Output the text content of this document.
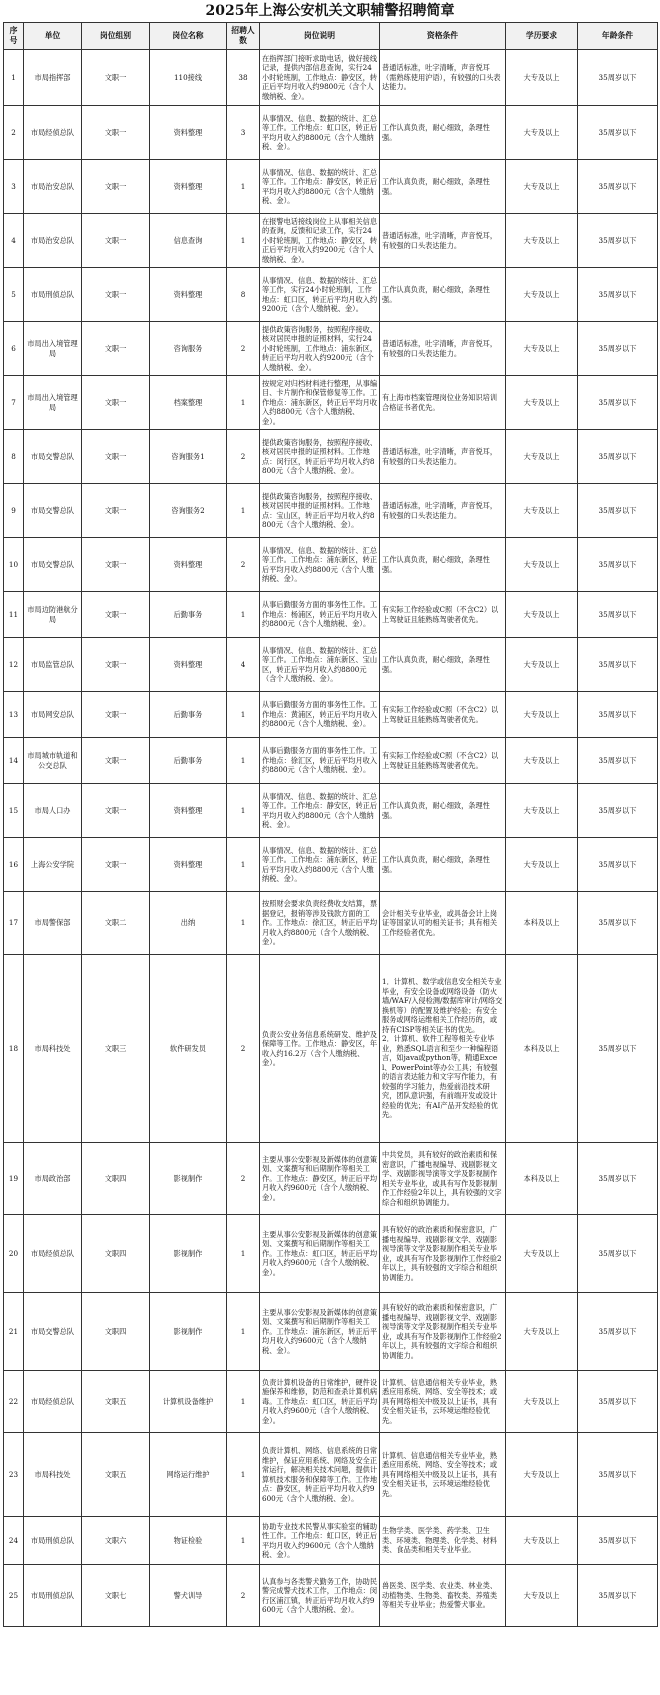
2025年上海公安机关文职辅警招聘简章
序号	单位	岗位组别	岗位名称	招聘人数	岗位说明	资格条件	学历要求	年龄条件
1	市局指挥部	文职一	110接线	38	在指挥部门接听求助电话，做好接线记录，提供内部信息查询，实行24小时轮班制，工作地点：静安区，转正后平均月收入约9800元（含个人缴纳税、金）。	普通话标准，吐字清晰，声音悦耳（需熟练使用沪语），有较强的口头表达能力。	大专及以上	35周岁以下
2	市局经侦总队	文职一	资料整理	3	从事情况、信息、数据的统计、汇总等工作。工作地点：虹口区，转正后平均月收入约8800元（含个人缴纳税、金）。	工作认真负责，耐心细致，条理性强。	大专及以上	35周岁以下
3	市局治安总队	文职一	资料整理	1	从事情况、信息、数据的统计、汇总等工作。工作地点：静安区，转正后平均月收入约8800元（含个人缴纳税、金）。	工作认真负责，耐心细致，条理性强。	大专及以上	35周岁以下
4	市局治安总队	文职一	信息查询	1	在报警电话接线岗位上从事相关信息的查询，反馈和记录工作，实行24小时轮班制，工作地点：静安区，转正后平均月收入约9200元（含个人缴纳税、金）。	普通话标准，吐字清晰，声音悦耳，有较强的口头表达能力。	大专及以上	35周岁以下
5	市局刑侦总队	文职一	资料整理	8	从事情况、信息、数据的统计、汇总等工作，实行24小时轮班制，工作地点：虹口区，转正后平均月收入约9200元（含个人缴纳税、金）。	工作认真负责，耐心细致，条理性强。	大专及以上	35周岁以下
6	市局出入境管理局	文职一	咨询服务	2	提供政策咨询服务，按照程序接收、核对居民申报的证照材料，实行24小时轮班制，工作地点：浦东新区，转正后平均月收入约9200元（含个人缴纳税、金）。	普通话标准，吐字清晰，声音悦耳，有较强的口头表达能力。	大专及以上	35周岁以下
7	市局出入境管理局	文职一	档案整理	1	按规定对归档材料进行整理，从事编目、卡片制作和保管修复等工作。工作地点：浦东新区，转正后平均月收入约8800元（含个人缴纳税、金）。	有上海市档案管理岗位业务知识培训合格证书者优先。	大专及以上	35周岁以下
8	市局交警总队	文职一	咨询服务1	2	提供政策咨询服务，按照程序接收、核对居民申报的证照材料。工作地点：闵行区，转正后平均月收入约8800元（含个人缴纳税、金）。	普通话标准，吐字清晰，声音悦耳，有较强的口头表达能力。	大专及以上	35周岁以下
9	市局交警总队	文职一	咨询服务2	1	提供政策咨询服务，按照程序接收、核对居民申报的证照材料。工作地点：宝山区，转正后平均月收入约8800元（含个人缴纳税、金）。	普通话标准，吐字清晰，声音悦耳，有较强的口头表达能力。	大专及以上	35周岁以下
10	市局交警总队	文职一	资料整理	2	从事情况、信息、数据的统计、汇总等工作。工作地点：浦东新区，转正后平均月收入约8800元（含个人缴纳税、金）。	工作认真负责，耐心细致，条理性强。	大专及以上	35周岁以下
11	市局边防港航分局	文职一	后勤事务	1	从事后勤服务方面的事务性工作。工作地点：杨浦区，转正后平均月收入约8800元（含个人缴纳税、金）。	有实际工作经验或C照（不含C2）以上驾驶证且能熟练驾驶者优先。	大专及以上	35周岁以下
12	市局监管总队	文职一	资料整理	4	从事情况、信息、数据的统计、汇总等工作。工作地点：浦东新区、宝山区，转正后平均月收入约8800元（含个人缴纳税、金）。	工作认真负责，耐心细致，条理性强。	大专及以上	35周岁以下
13	市局网安总队	文职一	后勤事务	1	从事后勤服务方面的事务性工作。工作地点：黄浦区，转正后平均月收入约8800元（含个人缴纳税、金）。	有实际工作经验或C照（不含C2）以上驾驶证且能熟练驾驶者优先。	大专及以上	35周岁以下
14	市局城市轨道和公交总队	文职一	后勤事务	1	从事后勤服务方面的事务性工作。工作地点：徐汇区，转正后平均月收入约8800元（含个人缴纳税、金）。	有实际工作经验或C照（不含C2）以上驾驶证且能熟练驾驶者优先。	大专及以上	35周岁以下
15	市局人口办	文职一	资料整理	1	从事情况、信息、数据的统计、汇总等工作。工作地点：静安区，转正后平均月收入约8800元（含个人缴纳税、金）。	工作认真负责，耐心细致，条理性强。	大专及以上	35周岁以下
16	上海公安学院	文职一	资料整理	1	从事情况、信息、数据的统计、汇总等工作。工作地点：浦东新区，转正后平均月收入约8800元（含个人缴纳税、金）。	工作认真负责，耐心细致，条理性强。	大专及以上	35周岁以下
17	市局警保部	文职二	出纳	1	按照财会要求负责经费收支结算，票据登记，报销等涉及钱款方面的工作。工作地点：徐汇区，转正后平均月收入约8800元（含个人缴纳税、金）。	会计相关专业毕业，或具备会计上岗证等国家认可的相关证书；具有相关工作经验者优先。	本科及以上	35周岁以下
18	市局科技处	文职三	软件研发员	2	负责公安业务信息系统研发、维护及保障等工作。工作地点：静安区，年收入约16.2万（含个人缴纳税、金）。	1．计算机、数学或信息安全相关专业毕业，有安全设备或网络设备（防火墙/WAF/入侵检测/数据库审计/网络交换机等）的配置及维护经验；有安全服务或网络运维相关工作经历的，或持有CISP等相关证书的优先。
2．计算机、软件工程等相关专业毕业，熟悉SQL语言和至少一种编程语言，如java或python等，精通Excel、PowerPoint等办公工具；有较强的语言表达能力和文字写作能力，有较强的学习能力，热爱前沿技术研究，团队意识强，有前端开发或设计经验的优先；有AI产品开发经验的优先。	本科及以上	35周岁以下
19	市局政治部	文职四	影视制作	2	主要从事公安影视及新媒体的创意策划、文案撰写和后期制作等相关工作。工作地点：静安区，转正后平均月收入约9600元（含个人缴纳税、金）。	中共党员，具有较好的政治素质和保密意识，广播电视编导、戏剧影视文学、戏剧影视导演等文学及影视制作相关专业毕业，或具有写作及影视制作工作经验2年以上，具有较强的文字综合和组织协调能力。	本科及以上	35周岁以下
20	市局经侦总队	文职四	影视制作	1	主要从事公安影视及新媒体的创意策划、文案撰写和后期制作等相关工作。工作地点：虹口区，转正后平均月收入约9600元（含个人缴纳税、金）。	具有较好的政治素质和保密意识，广播电视编导、戏剧影视文学、戏剧影视导演等文学及影视制作相关专业毕业，或具有写作及影视制作工作经验2年以上，具有较强的文字综合和组织协调能力。	大专及以上	35周岁以下
21	市局交警总队	文职四	影视制作	1	主要从事公安影视及新媒体的创意策划、文案撰写和后期制作等相关工作。工作地点：浦东新区，转正后平均月收入约9600元（含个人缴纳税、金）。	具有较好的政治素质和保密意识，广播电视编导、戏剧影视文学、戏剧影视导演等文学及影视制作相关专业毕业，或具有写作及影视制作工作经验2年以上，具有较强的文字综合和组织协调能力。	大专及以上	35周岁以下
22	市局经侦总队	文职五	计算机设备维护	1	负责计算机设备的日常维护，硬件设施保养和维修，防范和查杀计算机病毒。工作地点：虹口区，转正后平均月收入约9600元（含个人缴纳税、金）。	计算机、信息通信相关专业毕业，熟悉应用系统、网络、安全等技术；或具有网络相关中级及以上证书，具有安全相关证书，云环境运维经验优先。	大专及以上	35周岁以下
23	市局科技处	文职五	网络运行维护	1	负责计算机、网络、信息系统的日常维护，保证应用系统、网络及安全正常运行，解决相关技术问题，提供计算机技术服务和保障等工作。工作地点：静安区，转正后平均月收入约9600元（含个人缴纳税、金）。	计算机、信息通信相关专业毕业，熟悉应用系统、网络、安全等技术；或具有网络相关中级及以上证书，具有安全相关证书，云环境运维经验优先。	大专及以上	35周岁以下
24	市局刑侦总队	文职六	物证检验	1	协助专业技术民警从事实验室的辅助性工作。工作地点：虹口区，转正后平均月收入约9600元（含个人缴纳税、金）。	生物学类、医学类、药学类、卫生类、环境类、物理类、化学类、材料类、食品类和相关专业毕业。	大专及以上	35周岁以下
25	市局刑侦总队	文职七	警犬训导	2	认真参与各类警犬勤务工作，协助民警完成警犬技术工作，工作地点：闵行区浦江镇，转正后平均月收入约9600元（含个人缴纳税、金）。	兽医类、医学类、农业类、林业类、动植物类、生物类、畜牧类、养殖类等相关专业毕业；热爱警犬事业。	大专及以上	35周岁以下
